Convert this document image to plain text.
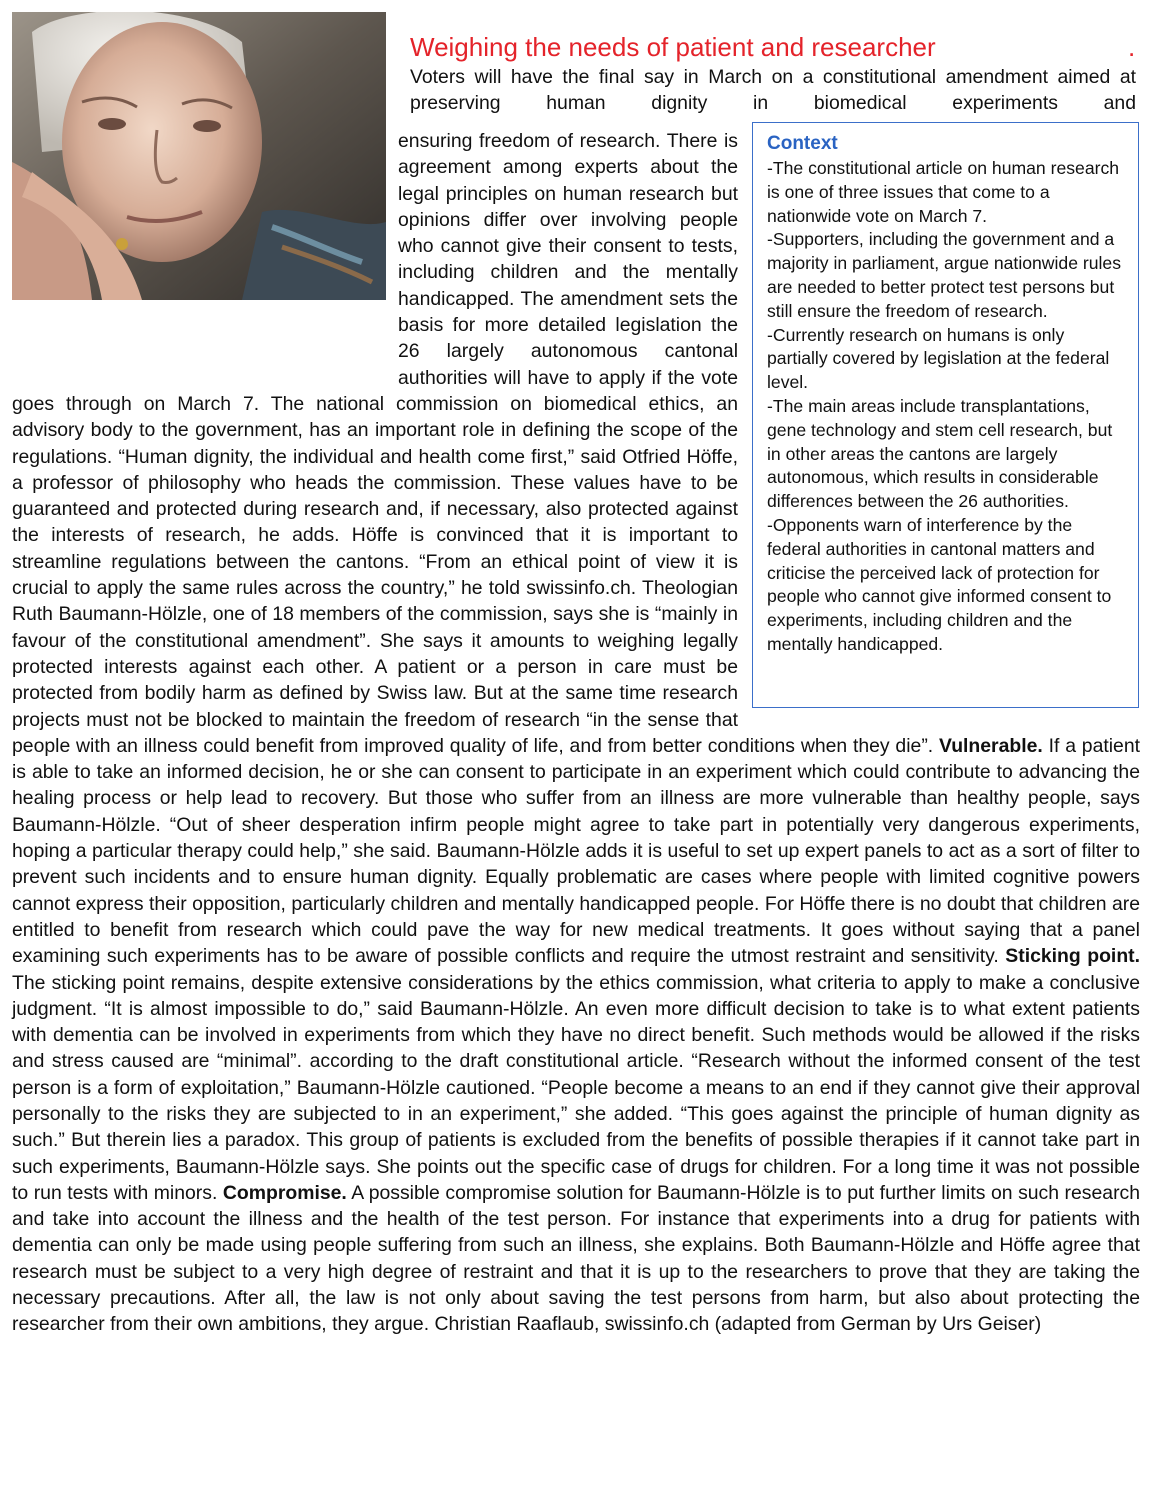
Weighing the needs of patient and researcher	.

Voters will have the final say in March on a constitutional amendment aimed at preserving human dignity in biomedical experiments and

Context

-The constitutional article on human research is one of three issues that come to a nationwide vote on March 7.

-Supporters, including the government and a majority in parliament, argue nationwide rules are needed to better protect test persons but still ensure the freedom of research.

-Currently research on humans is only partially covered by legislation at the federal level.

-The main areas include transplantations, gene technology and stem cell research, but in other areas the cantons are largely autonomous, which results in considerable differences between the 26 authorities.

-Opponents warn of interference by the federal authorities in cantonal matters and criticise the perceived lack of protection for people who cannot give informed consent to experiments, including children and the mentally handicapped.

ensuring freedom of research. There is agreement among experts about the legal principles on human research but opinions differ over involving people who cannot give their consent to tests, including children and the mentally handicapped. The amendment sets the basis for more detailed legislation the 26 largely autonomous cantonal authorities will have to apply if the vote goes through on March 7. The national commission on biomedical ethics, an advisory body to the government, has an important role in defining the scope of the regulations. “Human dignity, the individual and health come first,” said Otfried Höffe, a professor of philosophy who heads the commission. These values have to be guaranteed and protected during research and, if necessary, also protected against the interests of research, he adds. Höffe is convinced that it is important to streamline regulations between the cantons. “From an ethical point of view it is crucial to apply the same rules across the country,” he told swissinfo.ch. Theologian Ruth Baumann-Hölzle, one of 18 members of the commission, says she is “mainly in favour of the constitutional amendment”. She says it amounts to weighing legally protected interests against each other. A patient or a person in care must be protected from bodily harm as defined by Swiss law. But at the same time research projects must not be blocked to maintain the freedom of research “in the sense that people with an illness could benefit from improved quality of life, and from better conditions when they die”. Vulnerable. If a patient is able to take an informed decision, he or she can consent to participate in an experiment which could contribute to advancing the healing process or help lead to recovery. But those who suffer from an illness are more vulnerable than healthy people, says Baumann-Hölzle. “Out of sheer desperation infirm people might agree to take part in potentially very dangerous experiments, hoping a particular therapy could help,” she said. Baumann-Hölzle adds it is useful to set up expert panels to act as a sort of filter to prevent such incidents and to ensure human dignity. Equally problematic are cases where people with limited cognitive powers cannot express their opposition, particularly children and mentally handicapped people. For Höffe there is no doubt that children are entitled to benefit from research which could pave the way for new medical treatments. It goes without saying that a panel examining such experiments has to be aware of possible conflicts and require the utmost restraint and sensitivity. Sticking point. The sticking point remains, despite extensive considerations by the ethics commission, what criteria to apply to make a conclusive judgment. “It is almost impossible to do,” said Baumann-Hölzle. An even more difficult decision to take is to what extent patients with dementia can be involved in experiments from which they have no direct benefit. Such methods would be allowed if the risks and stress caused are “minimal”. according to the draft constitutional article. “Research without the informed consent of the test person is a form of exploitation,” Baumann-Hölzle cautioned. “People become a means to an end if they cannot give their approval personally to the risks they are subjected to in an experiment,” she added. “This goes against the principle of human dignity as such.” But therein lies a paradox. This group of patients is excluded from the benefits of possible therapies if it cannot take part in such experiments, Baumann-Hölzle says. She points out the specific case of drugs for children. For a long time it was not possible to run tests with minors. Compromise. A possible compromise solution for Baumann-Hölzle is to put further limits on such research and take into account the illness and the health of the test person. For instance that experiments into a drug for patients with dementia can only be made using people suffering from such an illness, she explains. Both Baumann-Hölzle and Höffe agree that research must be subject to a very high degree of restraint and that it is up to the researchers to prove that they are taking the necessary precautions. After all, the law is not only about saving the test persons from harm, but also about protecting the researcher from their own ambitions, they argue. Christian Raaflaub, swissinfo.ch (adapted from German by Urs Geiser)
